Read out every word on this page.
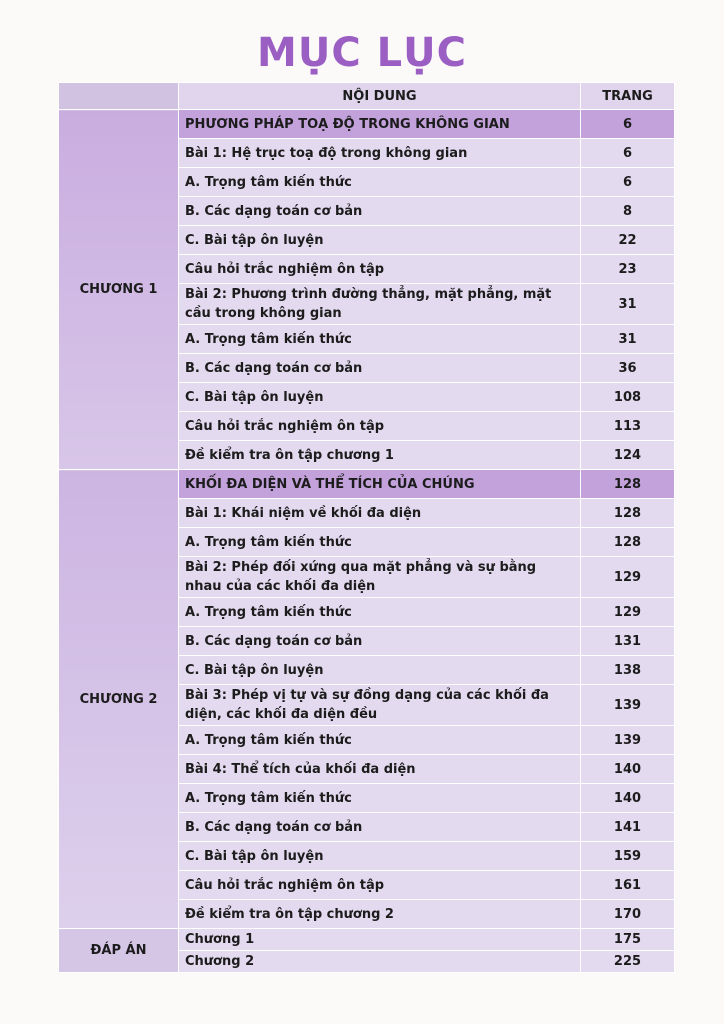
MỤC LỤC
	NỘI DUNG	TRANG
CHƯƠNG 1	PHƯƠNG PHÁP TOẠ ĐỘ TRONG KHÔNG GIAN	6
	Bài 1: Hệ trục toạ độ trong không gian	6
	A. Trọng tâm kiến thức	6
	B. Các dạng toán cơ bản	8
	C. Bài tập ôn luyện	22
	Câu hỏi trắc nghiệm ôn tập	23
	Bài 2: Phương trình đường thẳng, mặt phẳng, mặt cầu trong không gian	31
	A. Trọng tâm kiến thức	31
	B. Các dạng toán cơ bản	36
	C. Bài tập ôn luyện	108
	Câu hỏi trắc nghiệm ôn tập	113
	Đề kiểm tra ôn tập chương 1	124
CHƯƠNG 2	KHỐI ĐA DIỆN VÀ THỂ TÍCH CỦA CHÚNG	128
	Bài 1: Khái niệm về khối đa diện	128
	A. Trọng tâm kiến thức	128
	Bài 2: Phép đối xứng qua mặt phẳng và sự bằng nhau của các khối đa diện	129
	A. Trọng tâm kiến thức	129
	B. Các dạng toán cơ bản	131
	C. Bài tập ôn luyện	138
	Bài 3: Phép vị tự và sự đồng dạng của các khối đa diện, các khối đa diện đều	139
	A. Trọng tâm kiến thức	139
	Bài 4: Thể tích của khối đa diện	140
	A. Trọng tâm kiến thức	140
	B. Các dạng toán cơ bản	141
	C. Bài tập ôn luyện	159
	Câu hỏi trắc nghiệm ôn tập	161
	Đề kiểm tra ôn tập chương 2	170
ĐÁP ÁN	Chương 1	175
	Chương 2	225
